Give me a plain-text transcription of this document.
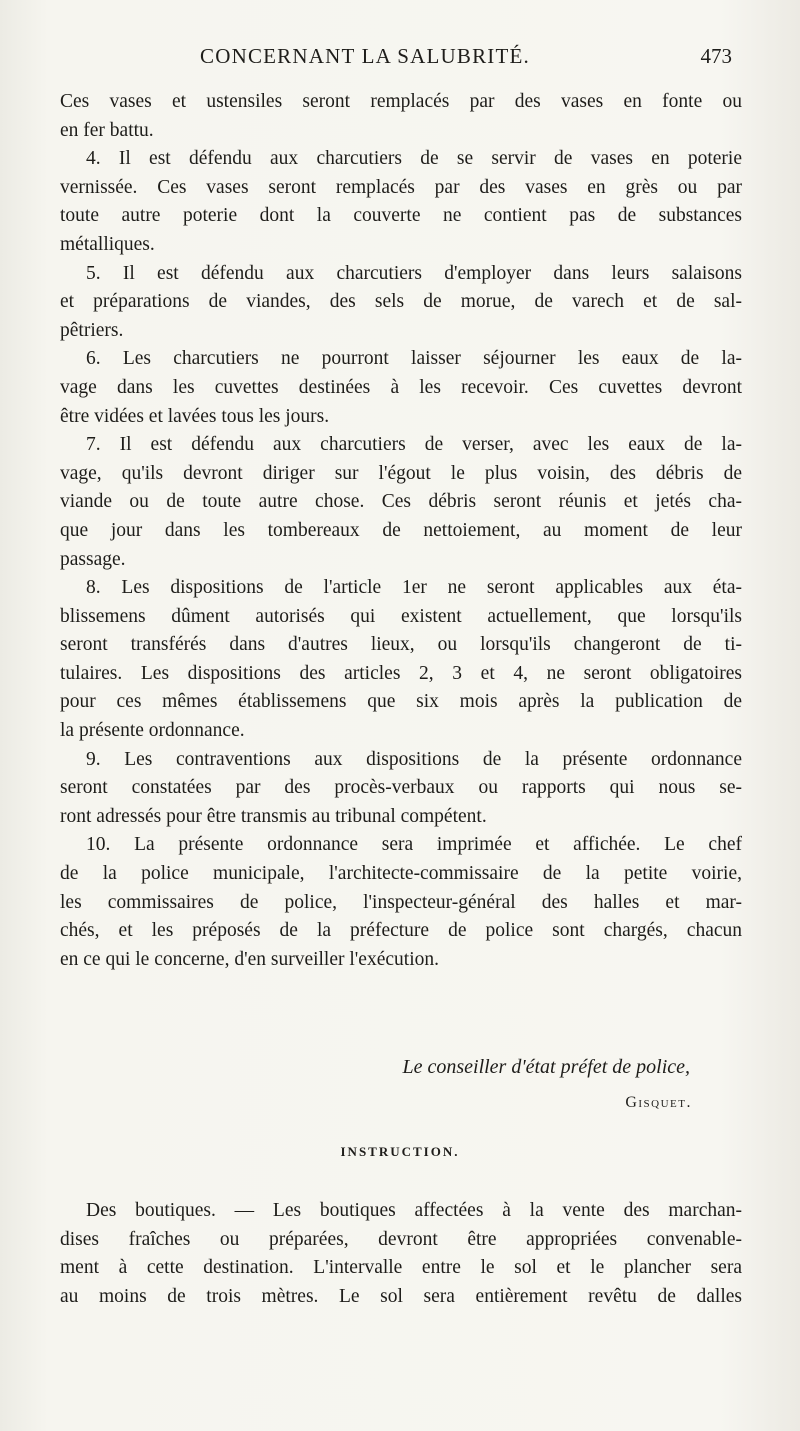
CONCERNANT LA SALUBRITÉ.	473
Ces vases et ustensiles seront remplacés par des vases en fonte ou
en fer battu.
4. Il est défendu aux charcutiers de se servir de vases en poterie
vernissée. Ces vases seront remplacés par des vases en grès ou par
toute autre poterie dont la couverte ne contient pas de substances
métalliques.
5. Il est défendu aux charcutiers d'employer dans leurs salaisons
et préparations de viandes, des sels de morue, de varech et de sal-
pêtriers.
6. Les charcutiers ne pourront laisser séjourner les eaux de la-
vage dans les cuvettes destinées à les recevoir. Ces cuvettes devront
être vidées et lavées tous les jours.
7. Il est défendu aux charcutiers de verser, avec les eaux de la-
vage, qu'ils devront diriger sur l'égout le plus voisin, des débris de
viande ou de toute autre chose. Ces débris seront réunis et jetés cha-
que jour dans les tombereaux de nettoiement, au moment de leur
passage.
8. Les dispositions de l'article 1er ne seront applicables aux éta-
blissemens dûment autorisés qui existent actuellement, que lorsqu'ils
seront transférés dans d'autres lieux, ou lorsqu'ils changeront de ti-
tulaires. Les dispositions des articles 2, 3 et 4, ne seront obligatoires
pour ces mêmes établissemens que six mois après la publication de
la présente ordonnance.
9. Les contraventions aux dispositions de la présente ordonnance
seront constatées par des procès-verbaux ou rapports qui nous se-
ront adressés pour être transmis au tribunal compétent.
10. La présente ordonnance sera imprimée et affichée. Le chef
de la police municipale, l'architecte-commissaire de la petite voirie,
les commissaires de police, l'inspecteur-général des halles et mar-
chés, et les préposés de la préfecture de police sont chargés, chacun
en ce qui le concerne, d'en surveiller l'exécution.
Le conseiller d'état préfet de police,
Gisquet.
INSTRUCTION.
Des boutiques. — Les boutiques affectées à la vente des marchan-
dises fraîches ou préparées, devront être appropriées convenable-
ment à cette destination. L'intervalle entre le sol et le plancher sera
au moins de trois mètres. Le sol sera entièrement revêtu de dalles
